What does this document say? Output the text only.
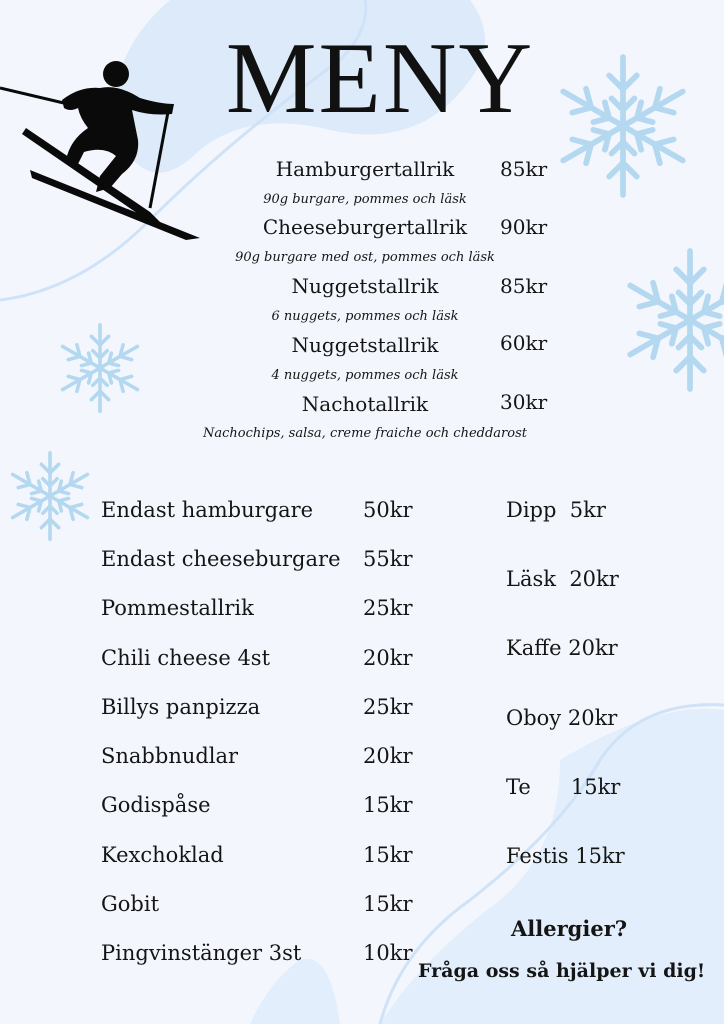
MENY
Hamburgertallrik	85kr
90g burgare, pommes och läsk
Cheeseburgertallrik	90kr
90g burgare med ost, pommes och läsk
Nuggetstallrik	85kr
6 nuggets, pommes och läsk
Nuggetstallrik	60kr
4 nuggets, pommes och läsk
Nachotallrik	30kr
Nachochips, salsa, creme fraiche och cheddarost
Endast hamburgare 50kr
Endast cheeseburgare 55kr
Pommestallrik	25kr
Chili cheese 4st	20kr
Billys panpizza	25kr
Snabbnudlar	20kr
Godispåse	15kr
Kexchoklad	15kr
Gobit	15kr
Pingvinstänger 3st	10kr
Dipp  5kr
Läsk  20kr
Kaffe 20kr
Oboy 20kr
Te      15kr
Festis 15kr
Allergier?
Fråga oss så hjälper vi dig!
